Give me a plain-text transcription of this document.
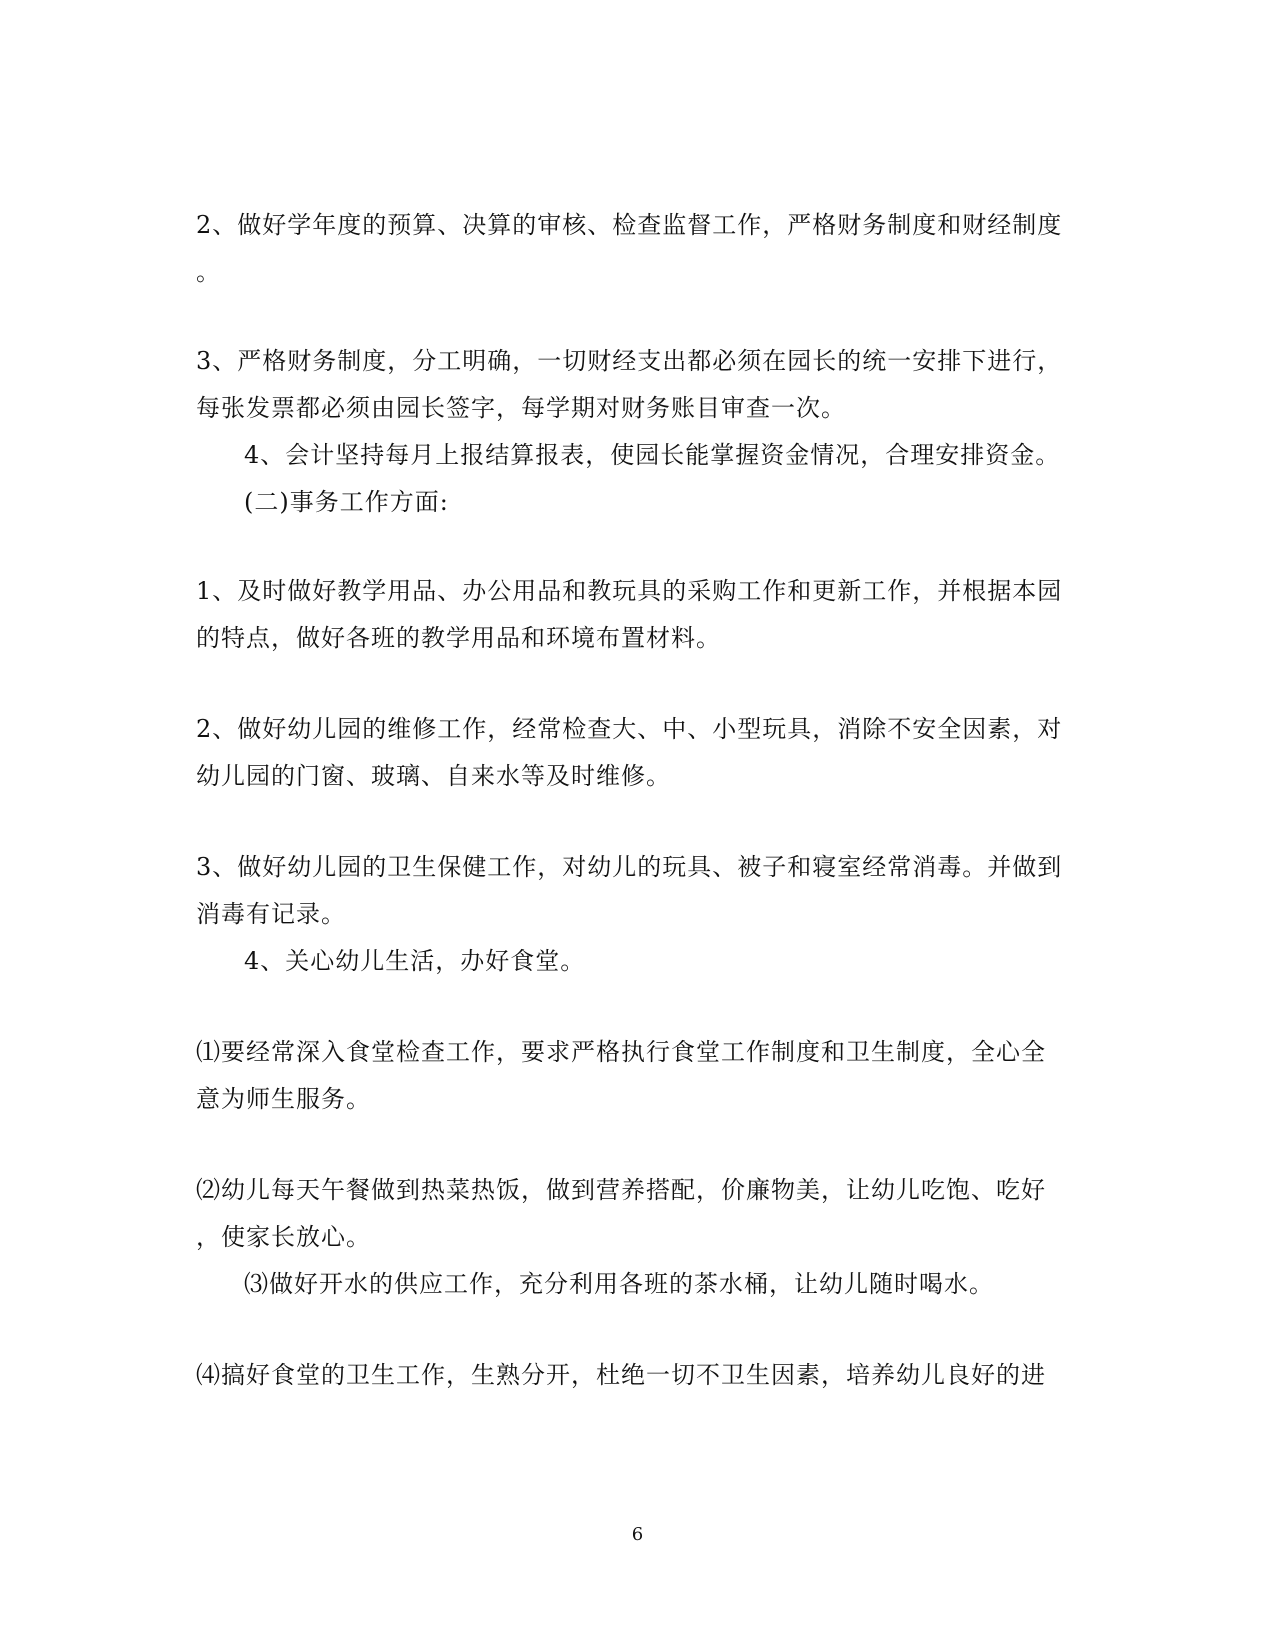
2、做好学年度的预算、决算的审核、检查监督工作，严格财务制度和财经制度
。
3、严格财务制度，分工明确，一切财经支出都必须在园长的统一安排下进行，
每张发票都必须由园长签字，每学期对财务账目审查一次。
4、会计坚持每月上报结算报表，使园长能掌握资金情况，合理安排资金。
(二)事务工作方面:
1、及时做好教学用品、办公用品和教玩具的采购工作和更新工作，并根据本园
的特点，做好各班的教学用品和环境布置材料。
2、做好幼儿园的维修工作，经常检查大、中、小型玩具，消除不安全因素，对
幼儿园的门窗、玻璃、自来水等及时维修。
3、做好幼儿园的卫生保健工作，对幼儿的玩具、被子和寝室经常消毒。并做到
消毒有记录。
4、关心幼儿生活，办好食堂。
⑴要经常深入食堂检查工作，要求严格执行食堂工作制度和卫生制度，全心全
意为师生服务。
⑵幼儿每天午餐做到热菜热饭，做到营养搭配，价廉物美，让幼儿吃饱、吃好
，使家长放心。
⑶做好开水的供应工作，充分利用各班的茶水桶，让幼儿随时喝水。
⑷搞好食堂的卫生工作，生熟分开，杜绝一切不卫生因素，培养幼儿良好的进
6
